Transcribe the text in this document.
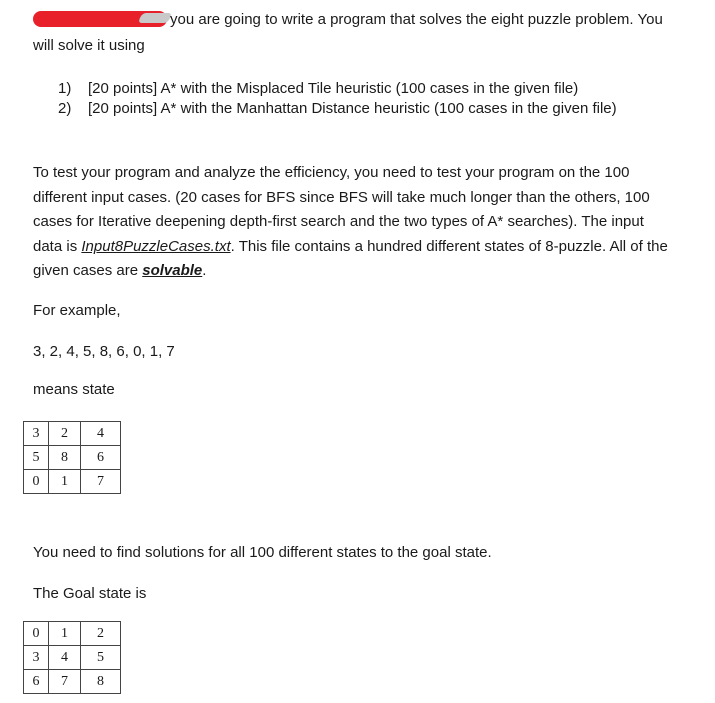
you are going to write a program that solves the eight puzzle problem. You
will solve it using
1) [20 points] A* with the Misplaced Tile heuristic (100 cases in the given file)
2) [20 points] A* with the Manhattan Distance heuristic (100 cases in the given file)
To test your program and analyze the efficiency, you need to test your program on the 100
different input cases. (20 cases for BFS since BFS will take much longer than the others, 100
cases for Iterative deepening depth-first search and the two types of A* searches). The input
data is Input8PuzzleCases.txt. This file contains a hundred different states of 8-puzzle. All of the
given cases are solvable.
For example,
3, 2, 4, 5, 8, 6, 0, 1, 7
means state
3	2	4
5	8	6
0	1	7
You need to find solutions for all 100 different states to the goal state.
The Goal state is
0	1	2
3	4	5
6	7	8
